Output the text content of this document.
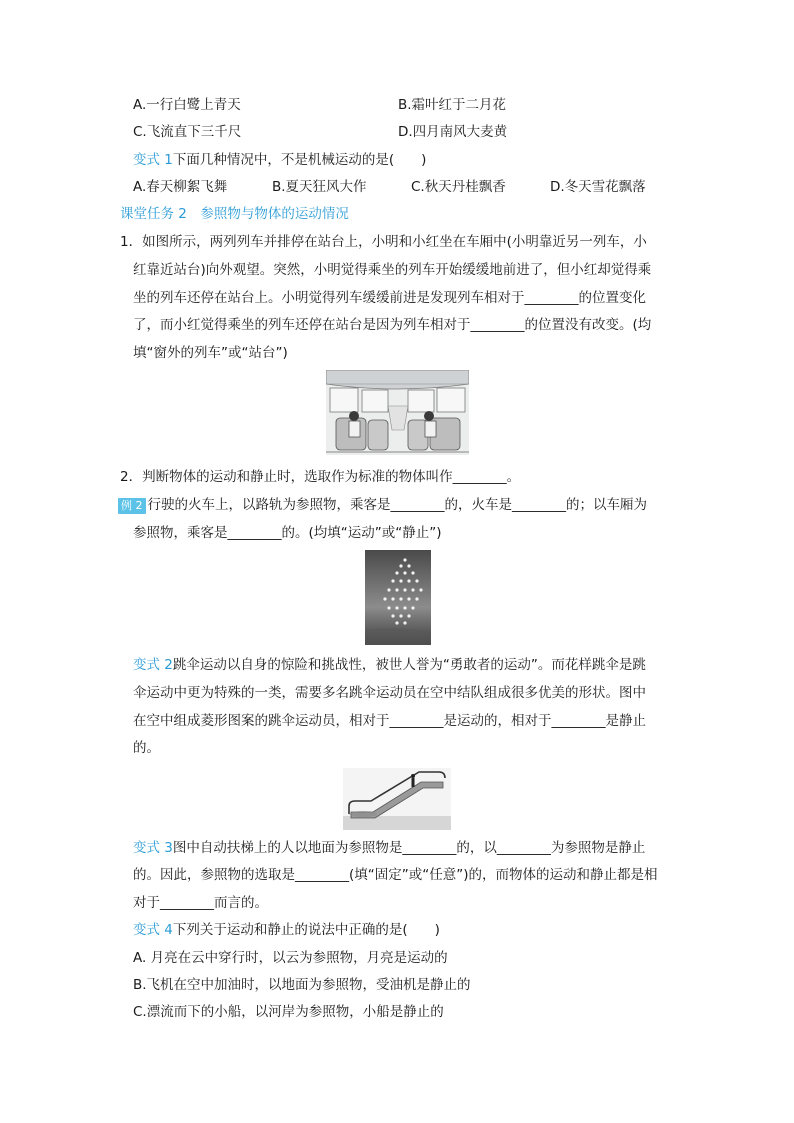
A.一行白鹭上青天	B.霜叶红于二月花
C.飞流直下三千尺	D.四月南风大麦黄
变式 1下面几种情况中，不是机械运动的是(　　)
A.春天柳絮飞舞	B.夏天狂风大作	C.秋天丹桂飘香	D.冬天雪花飘落
课堂任务 2　参照物与物体的运动情况
1．如图所示，两列列车并排停在站台上，小明和小红坐在车厢中(小明靠近另一列车，小
红靠近站台)向外观望。突然，小明觉得乘坐的列车开始缓缓地前进了，但小红却觉得乘
坐的列车还停在站台上。小明觉得列车缓缓前进是发现列车相对于________的位置变化
了，而小红觉得乘坐的列车还停在站台是因为列车相对于________的位置没有改变。(均
填“窗外的列车”或“站台”)
2．判断物体的运动和静止时，选取作为标准的物体叫作________。
例 2 行驶的火车上，以路轨为参照物，乘客是________的，火车是________的；以车厢为
参照物，乘客是________的。(均填“运动”或“静止”)
变式 2跳伞运动以自身的惊险和挑战性，被世人誉为“勇敢者的运动”。而花样跳伞是跳
伞运动中更为特殊的一类，需要多名跳伞运动员在空中结队组成很多优美的形状。图中
在空中组成菱形图案的跳伞运动员，相对于________是运动的，相对于________是静止
的。
变式 3图中自动扶梯上的人以地面为参照物是________的，以________为参照物是静止
的。因此，参照物的选取是________(填“固定”或“任意”)的，而物体的运动和静止都是相
对于________而言的。
变式 4下列关于运动和静止的说法中正确的是(　　)
A. 月亮在云中穿行时，以云为参照物，月亮是运动的
B.飞机在空中加油时，以地面为参照物，受油机是静止的
C.漂流而下的小船，以河岸为参照物，小船是静止的
